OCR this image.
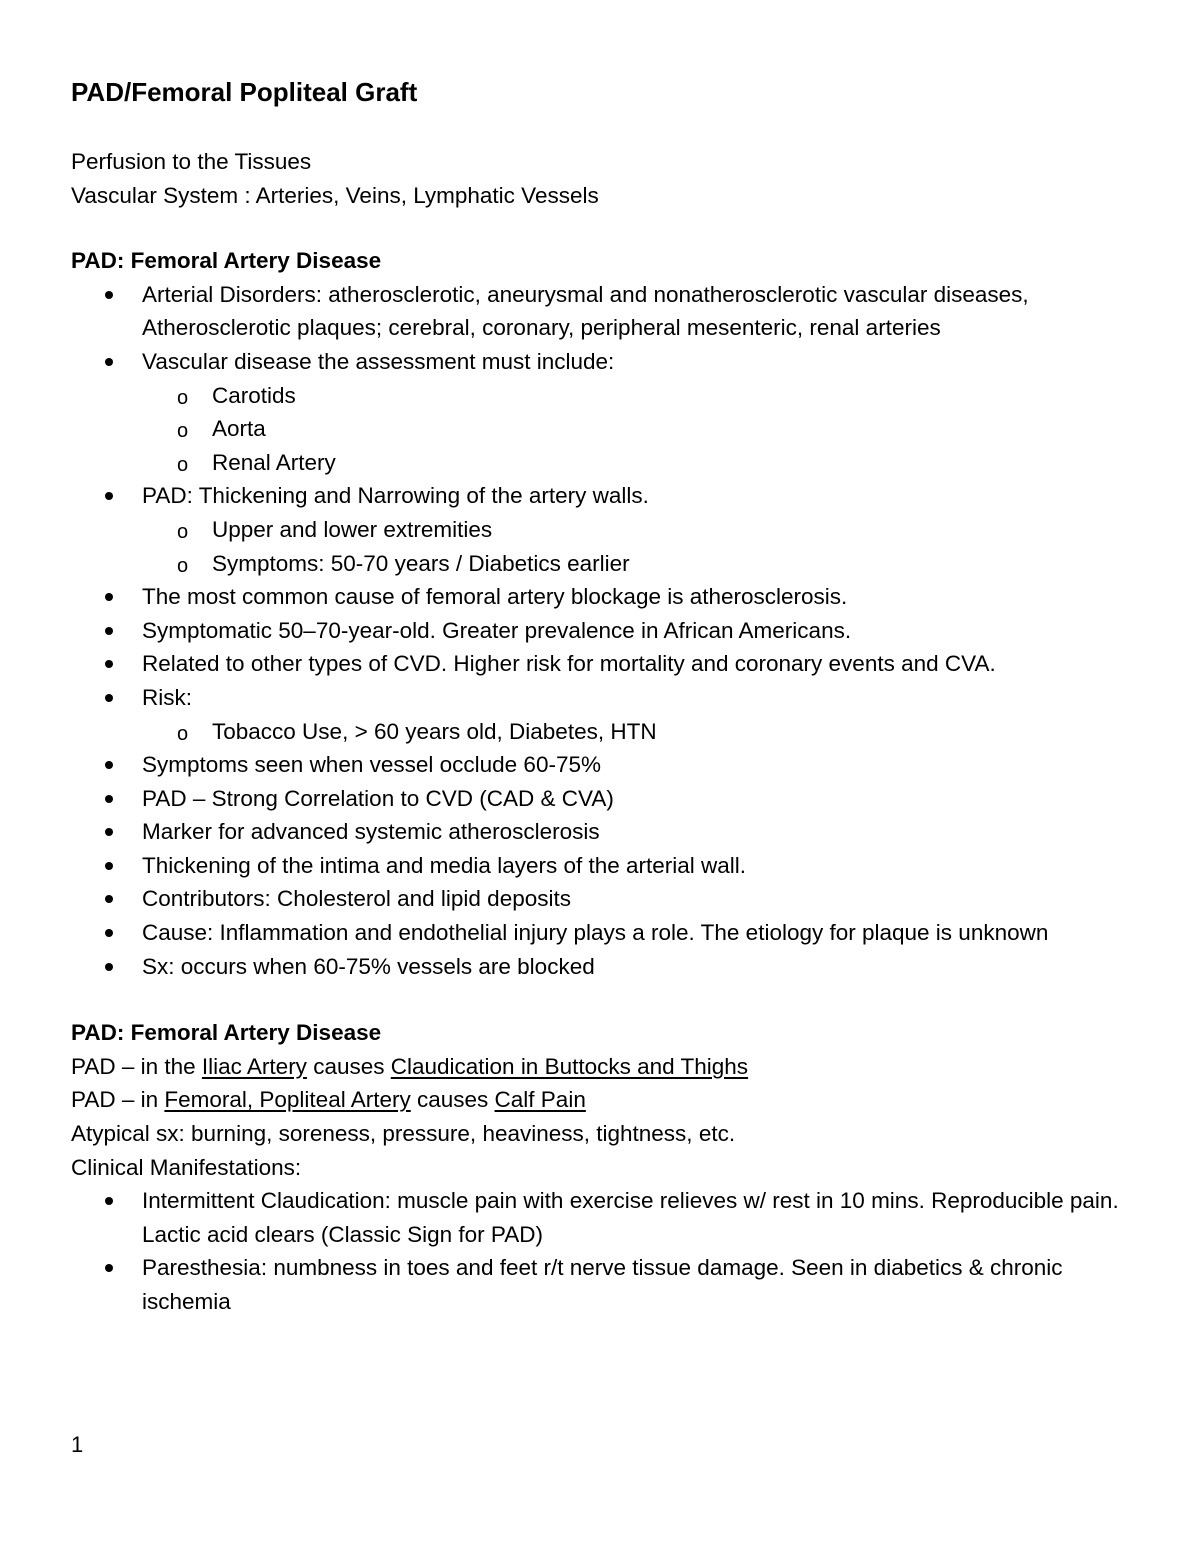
PAD/Femoral Popliteal Graft
Perfusion to the Tissues
Vascular System : Arteries, Veins, Lymphatic Vessels
PAD: Femoral Artery Disease
Arterial Disorders: atherosclerotic, aneurysmal and nonatherosclerotic vascular diseases, Atherosclerotic plaques; cerebral, coronary, peripheral mesenteric, renal arteries
Vascular disease the assessment must include:
o Carotids
o Aorta
o Renal Artery
PAD: Thickening and Narrowing of the artery walls.
o Upper and lower extremities
o Symptoms: 50-70 years / Diabetics earlier
The most common cause of femoral artery blockage is atherosclerosis.
Symptomatic 50–70-year-old. Greater prevalence in African Americans.
Related to other types of CVD. Higher risk for mortality and coronary events and CVA.
Risk:
o Tobacco Use, > 60 years old, Diabetes, HTN
Symptoms seen when vessel occlude 60-75%
PAD – Strong Correlation to CVD (CAD & CVA)
Marker for advanced systemic atherosclerosis
Thickening of the intima and media layers of the arterial wall.
Contributors: Cholesterol and lipid deposits
Cause: Inflammation and endothelial injury plays a role. The etiology for plaque is unknown
Sx: occurs when 60-75% vessels are blocked
PAD: Femoral Artery Disease
PAD – in the Iliac Artery causes Claudication in Buttocks and Thighs
PAD – in Femoral, Popliteal Artery causes Calf Pain
Atypical sx: burning, soreness, pressure, heaviness, tightness, etc.
Clinical Manifestations:
Intermittent Claudication: muscle pain with exercise relieves w/ rest in 10 mins. Reproducible pain. Lactic acid clears (Classic Sign for PAD)
Paresthesia: numbness in toes and feet r/t nerve tissue damage. Seen in diabetics & chronic ischemia
1
